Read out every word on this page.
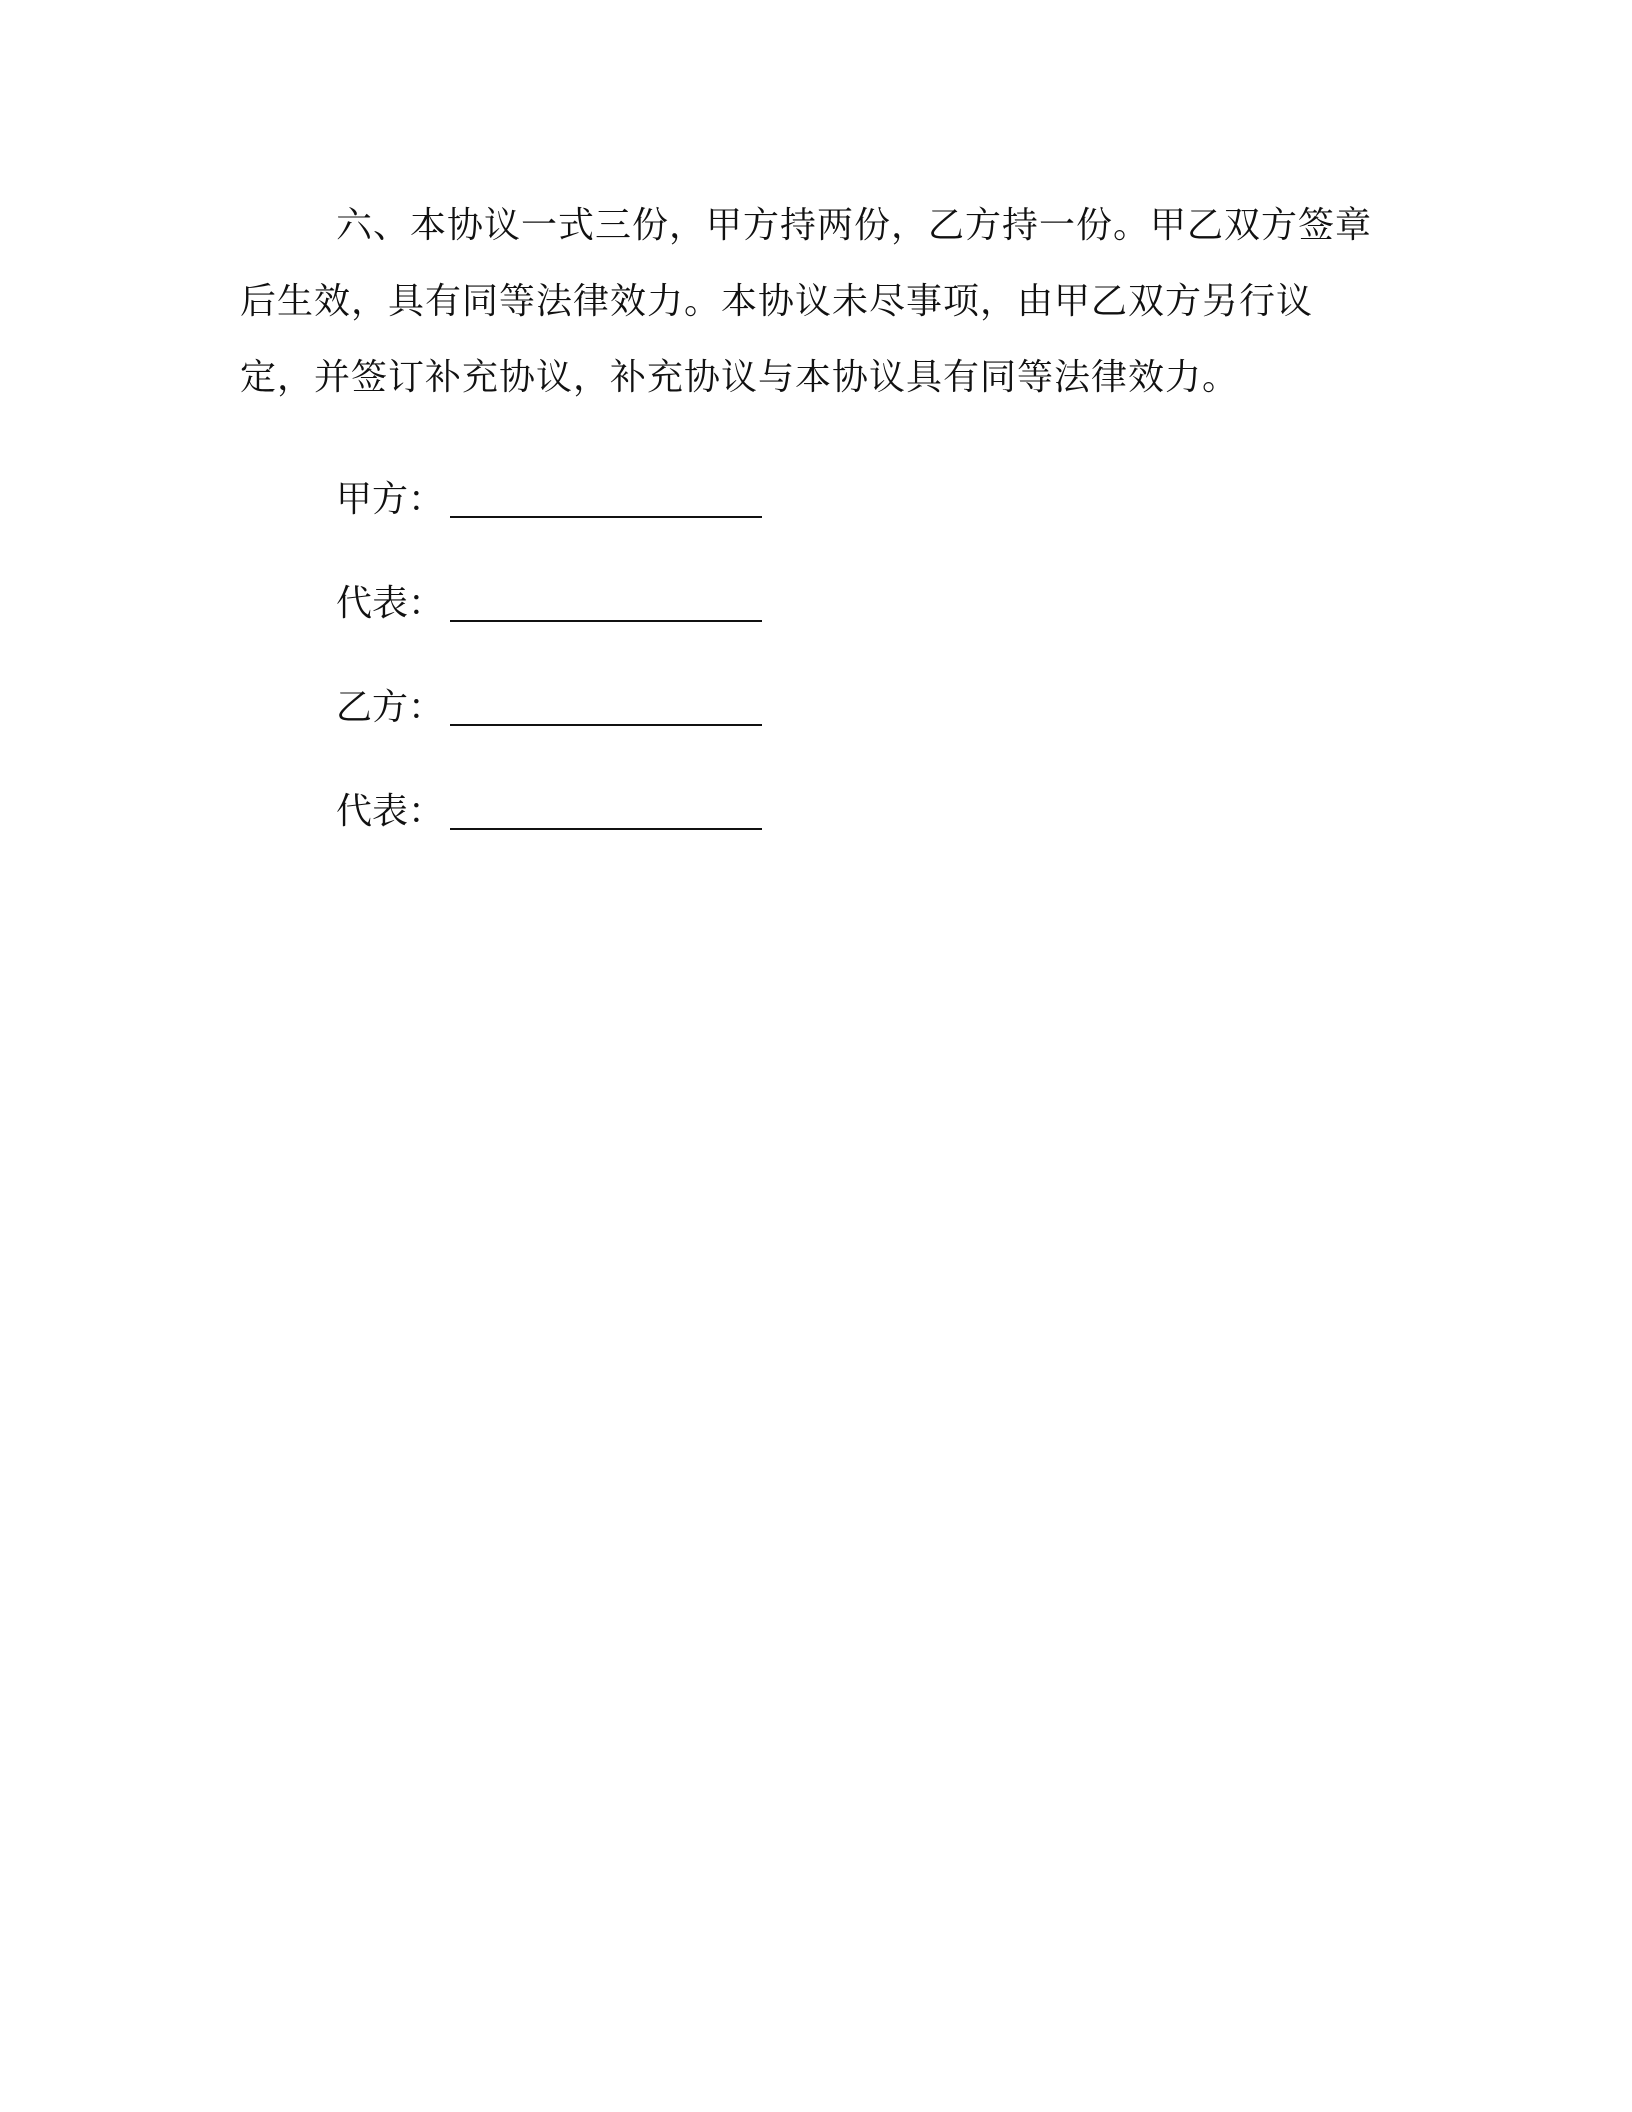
六、本协议一式三份，甲方持两份，乙方持一份。甲乙双方签章后生效，具有同等法律效力。本协议未尽事项，由甲乙双方另行议定，并签订补充协议，补充协议与本协议具有同等法律效力。

甲方：
代表：
乙方：
代表：
